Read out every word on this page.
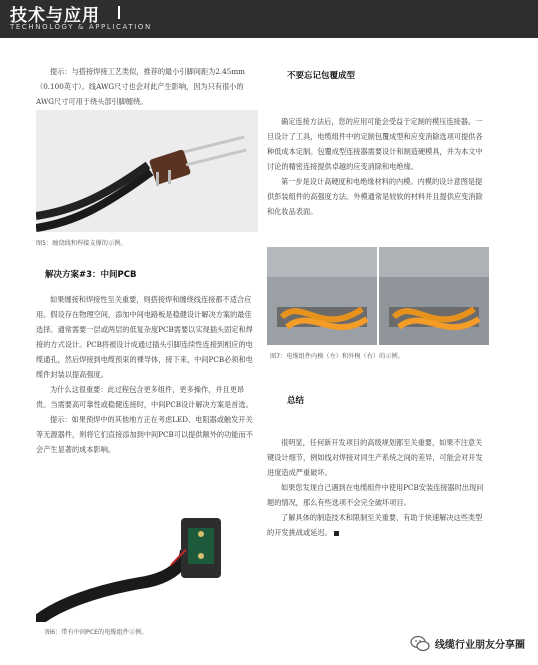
技术与应用
TECHNOLOGY & APPLICATION

提示：与搭接焊接工艺类似，推荐的最小引脚间距为2.45mm（0.100英寸）。线AWG尺寸也会对此产生影响，因为只有很小的AWG尺寸可用于绕头部引脚缠绕。

图5：缠绕线和焊接支撑的示例。
解决方案#3：中间PCB

如果缠接和焊接性至关重要，则搭接焊和缠绕线连接都不适合应用。假设存在物理空间，添加中间电路板是稳健设计解决方案的最佳选择。通常需要一层或两层的低复杂度PCB需要以实现插头固定和焊接的方式设计。PCB将被设计成通过插头引脚连续性连接到相应的电缆通孔，然后焊接到电缆预束的裸导体，接下来，中间PCB必须和电缆件封装以提高强度。

为什么这很重要：此过程包含更多组件，更多操作，并且更昂贵。当需要高可靠性或稳健连接时，中间PCB设计解决方案是首选。

提示：如果预焊中的其他地方正在考虑LED、电阻器或触发开关等无源器件，则将它们直接添加到中间PCB可以提供额外的功能而不会产生显著的成本影响。

图6：带有中间PCE的电缆组件示例。
不要忘记包覆成型

确定连接方法后，您的应用可能会受益于定制的模压连接器。一旦设计了工具，电缆组件中的定制包覆成型和应变消除选项可提供各种低成本定制。包覆成型连接器需要设计和制造硬模具，并为本文中讨论的精密连接提供卓越的应变消除和电绝缘。

第一步是设计高硬度和电绝缘材料的内模。内模的设计意图是提供彭装组件的高强度方法。外模通常是较软的材料并且提供应变消除和化妆品表面。

图7：电缆组件内模（左）和外模（右）的示例。
总结

很明显，任何新开发项目的高级规划都至关重要，如果不注意关键设计细节，例如线对焊接对同生产系统之间的差异，可能会对开发进度造成严重破坏。

如果您发现自己遇到在电缆组件中使用PCB安装连接器时出现问题的情况，那么有些选项不会完全破坏项目。

了解具体的制造技术和限制至关重要，有助于快速解决这些类型的开发挑战或延迟。

线缆行业朋友分享圈
